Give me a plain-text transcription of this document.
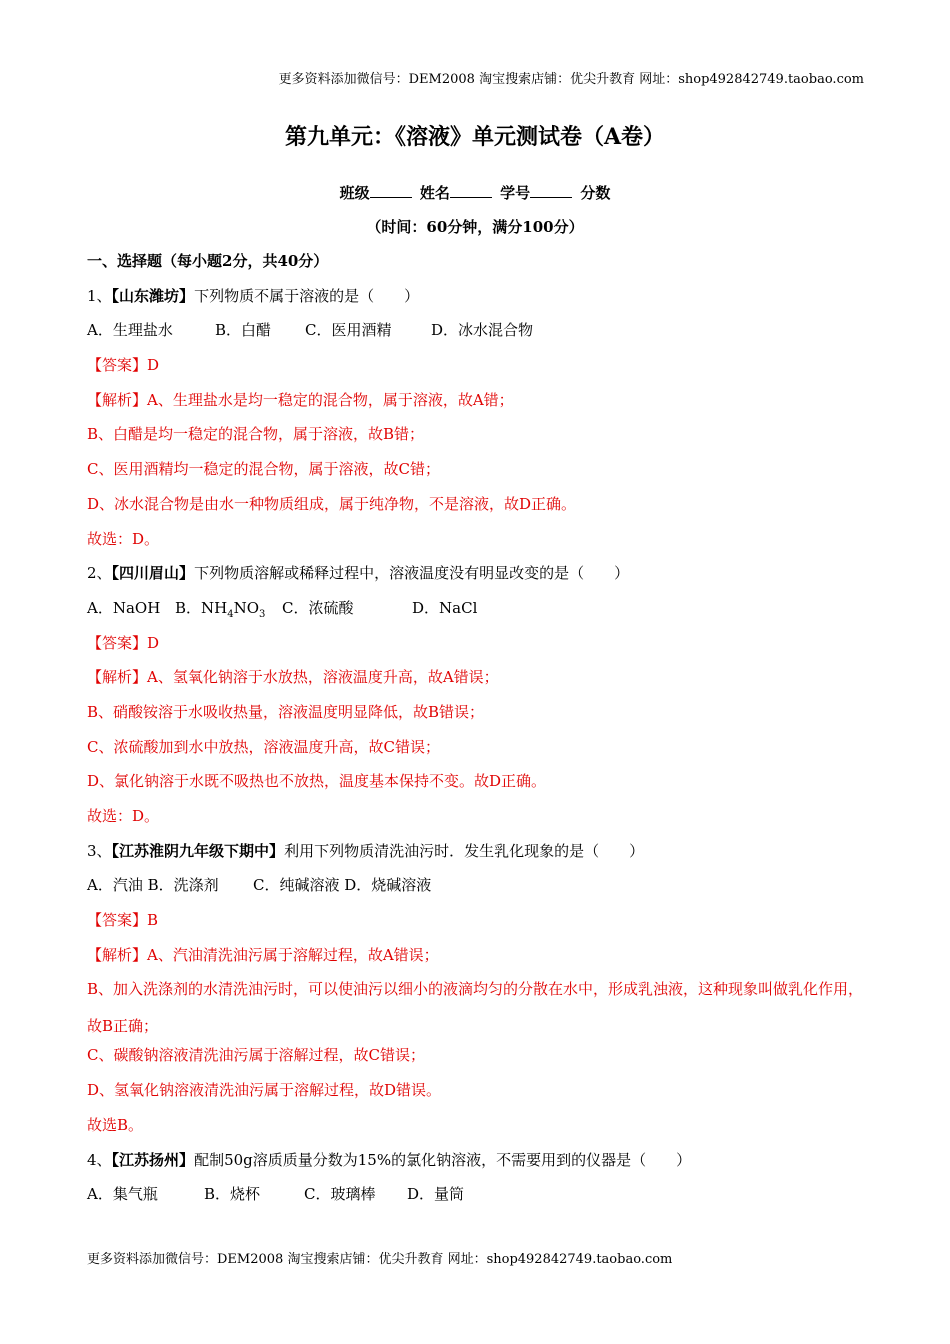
更多资料添加微信号：DEM2008 淘宝搜索店铺：优尖升教育 网址：shop492842749.taobao.com
第九单元：《溶液》单元测试卷（A卷）
班级	姓名	学号	分数
（时间：60分钟，满分100分）
一、选择题（每小题2分，共40分）
1、【山东潍坊】下列物质不属于溶液的是（　　）
A．生理盐水	B．白醋 C．医用酒精	D．冰水混合物
【答案】D
【解析】A、生理盐水是均一稳定的混合物，属于溶液，故A错；
B、白醋是均一稳定的混合物，属于溶液，故B错；
C、医用酒精均一稳定的混合物，属于溶液，故C错；
D、冰水混合物是由水一种物质组成，属于纯净物，不是溶液，故D正确。
故选：D。
2、【四川眉山】下列物质溶解或稀释过程中，溶液温度没有明显改变的是（　　）
A．NaOH B．$NH_4NO_3$ C．浓硫酸	D．NaCl
【答案】D
【解析】A、氢氧化钠溶于水放热，溶液温度升高，故A错误；
B、硝酸铵溶于水吸收热量，溶液温度明显降低，故B错误；
C、浓硫酸加到水中放热，溶液温度升高，故C错误；
D、氯化钠溶于水既不吸热也不放热，温度基本保持不变。故D正确。
故选：D。
3、【江苏淮阴九年级下期中】利用下列物质清洗油污时．发生乳化现象的是（　　）
A．汽油 B．洗涤剂 C．纯碱溶液 D．烧碱溶液
【答案】B
【解析】A、汽油清洗油污属于溶解过程，故A错误；
B、加入洗涤剂的水清洗油污时，可以使油污以细小的液滴均匀的分散在水中，形成乳浊液，这种现象叫做乳化作用，故B正确；
C、碳酸钠溶液清洗油污属于溶解过程，故C错误；
D、氢氧化钠溶液清洗油污属于溶解过程，故D错误。
故选B。
4、【江苏扬州】配制50g溶质质量分数为15%的氯化钠溶液，不需要用到的仪器是（　　）
A．集气瓶	B．烧杯	C．玻璃棒 D．量筒
更多资料添加微信号：DEM2008 淘宝搜索店铺：优尖升教育 网址：shop492842749.taobao.com
